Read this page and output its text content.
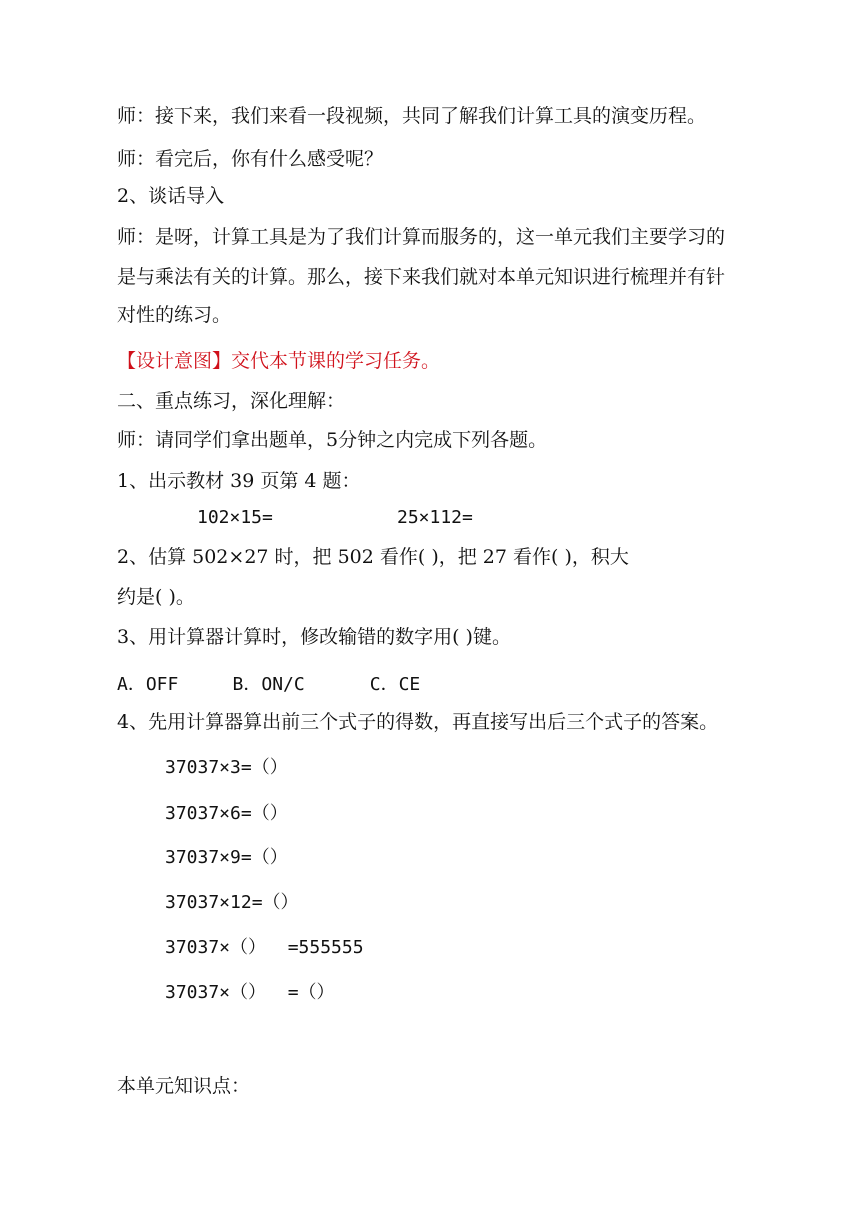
师：接下来，我们来看一段视频，共同了解我们计算工具的演变历程。
师：看完后，你有什么感受呢？
2、谈话导入
师：是呀，计算工具是为了我们计算而服务的，这一单元我们主要学习的
是与乘法有关的计算。那么，接下来我们就对本单元知识进行梳理并有针
对性的练习。
【设计意图】交代本节课的学习任务。
二、重点练习，深化理解：
师：请同学们拿出题单，5分钟之内完成下列各题。
1、出示教材 39 页第 4 题：
102×15=	25×112=
2、估算 502×27 时，把 502 看作( )，把 27 看作( )，积大
约是( )。
3、用计算器计算时，修改输错的数字用( )键。
A．OFF     B．ON/C      C．CE
4、先用计算器算出前三个式子的得数，再直接写出后三个式子的答案。
37037×3=（）
37037×6=（）
37037×9=（）
37037×12=（）
37037×（）  =555555
37037×（）  =（）
本单元知识点：
